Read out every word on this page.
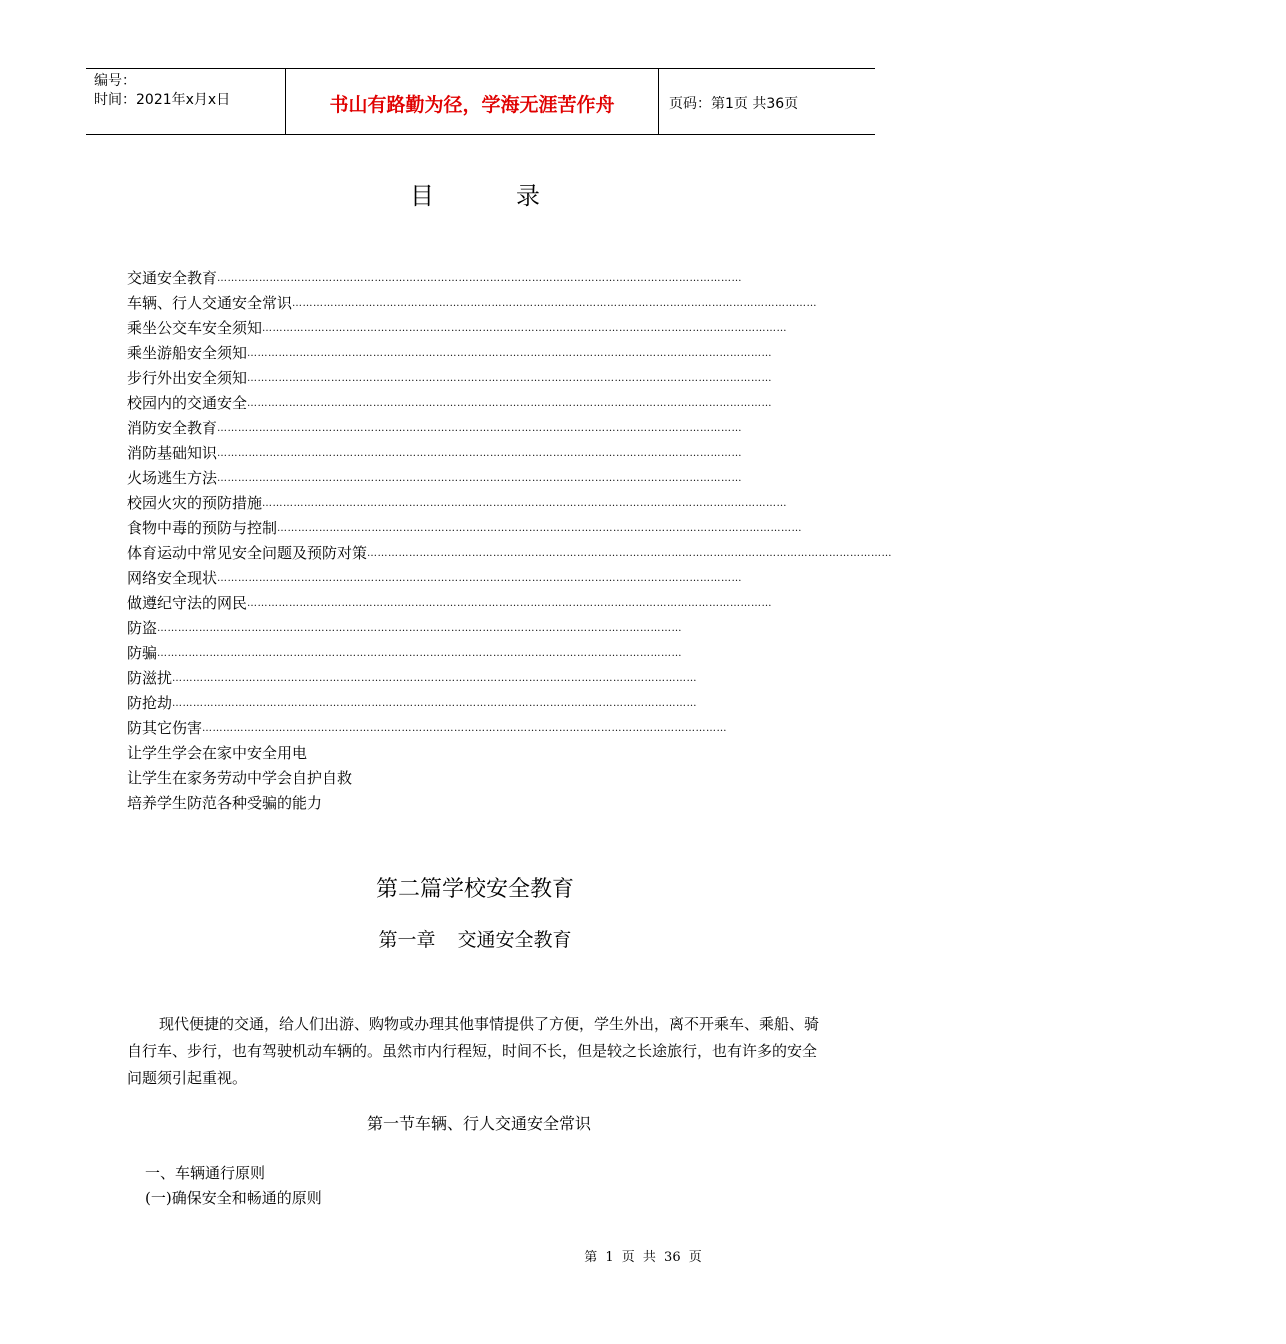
编号：
时间：2021年x月x日	书山有路勤为径，学海无涯苦作舟	页码：第1页 共36页
目	录
交通安全教育 ……………………………………………………………………………………………………………………………………
车辆、行人交通安全常识 ……………………………………………………………………………………………………………………………………
乘坐公交车安全须知 ……………………………………………………………………………………………………………………………………
乘坐游船安全须知 ……………………………………………………………………………………………………………………………………
步行外出安全须知 ……………………………………………………………………………………………………………………………………
校园内的交通安全 ……………………………………………………………………………………………………………………………………
消防安全教育 ……………………………………………………………………………………………………………………………………
消防基础知识 ……………………………………………………………………………………………………………………………………
火场逃生方法 ……………………………………………………………………………………………………………………………………
校园火灾的预防措施 ……………………………………………………………………………………………………………………………………
食物中毒的预防与控制 ……………………………………………………………………………………………………………………………………
体育运动中常见安全问题及预防对策 ……………………………………………………………………………………………………………………………………
网络安全现状 ……………………………………………………………………………………………………………………………………
做遵纪守法的网民 ……………………………………………………………………………………………………………………………………
防盗 ……………………………………………………………………………………………………………………………………
防骗 ……………………………………………………………………………………………………………………………………
防滋扰 ……………………………………………………………………………………………………………………………………
防抢劫 ……………………………………………………………………………………………………………………………………
防其它伤害 ……………………………………………………………………………………………………………………………………
让学生学会在家中安全用电
让学生在家务劳动中学会自护自救
培养学生防范各种受骗的能力
第二篇学校安全教育
第一章 交通安全教育
现代便捷的交通，给人们出游、购物或办理其他事情提供了方便，学生外出，离不开乘车、乘船、骑自行车、步行，也有驾驶机动车辆的。虽然市内行程短，时间不长，但是较之长途旅行，也有许多的安全问题须引起重视。
第一节车辆、行人交通安全常识
一、车辆通行原则
(一)确保安全和畅通的原则
第 1 页 共 36 页
